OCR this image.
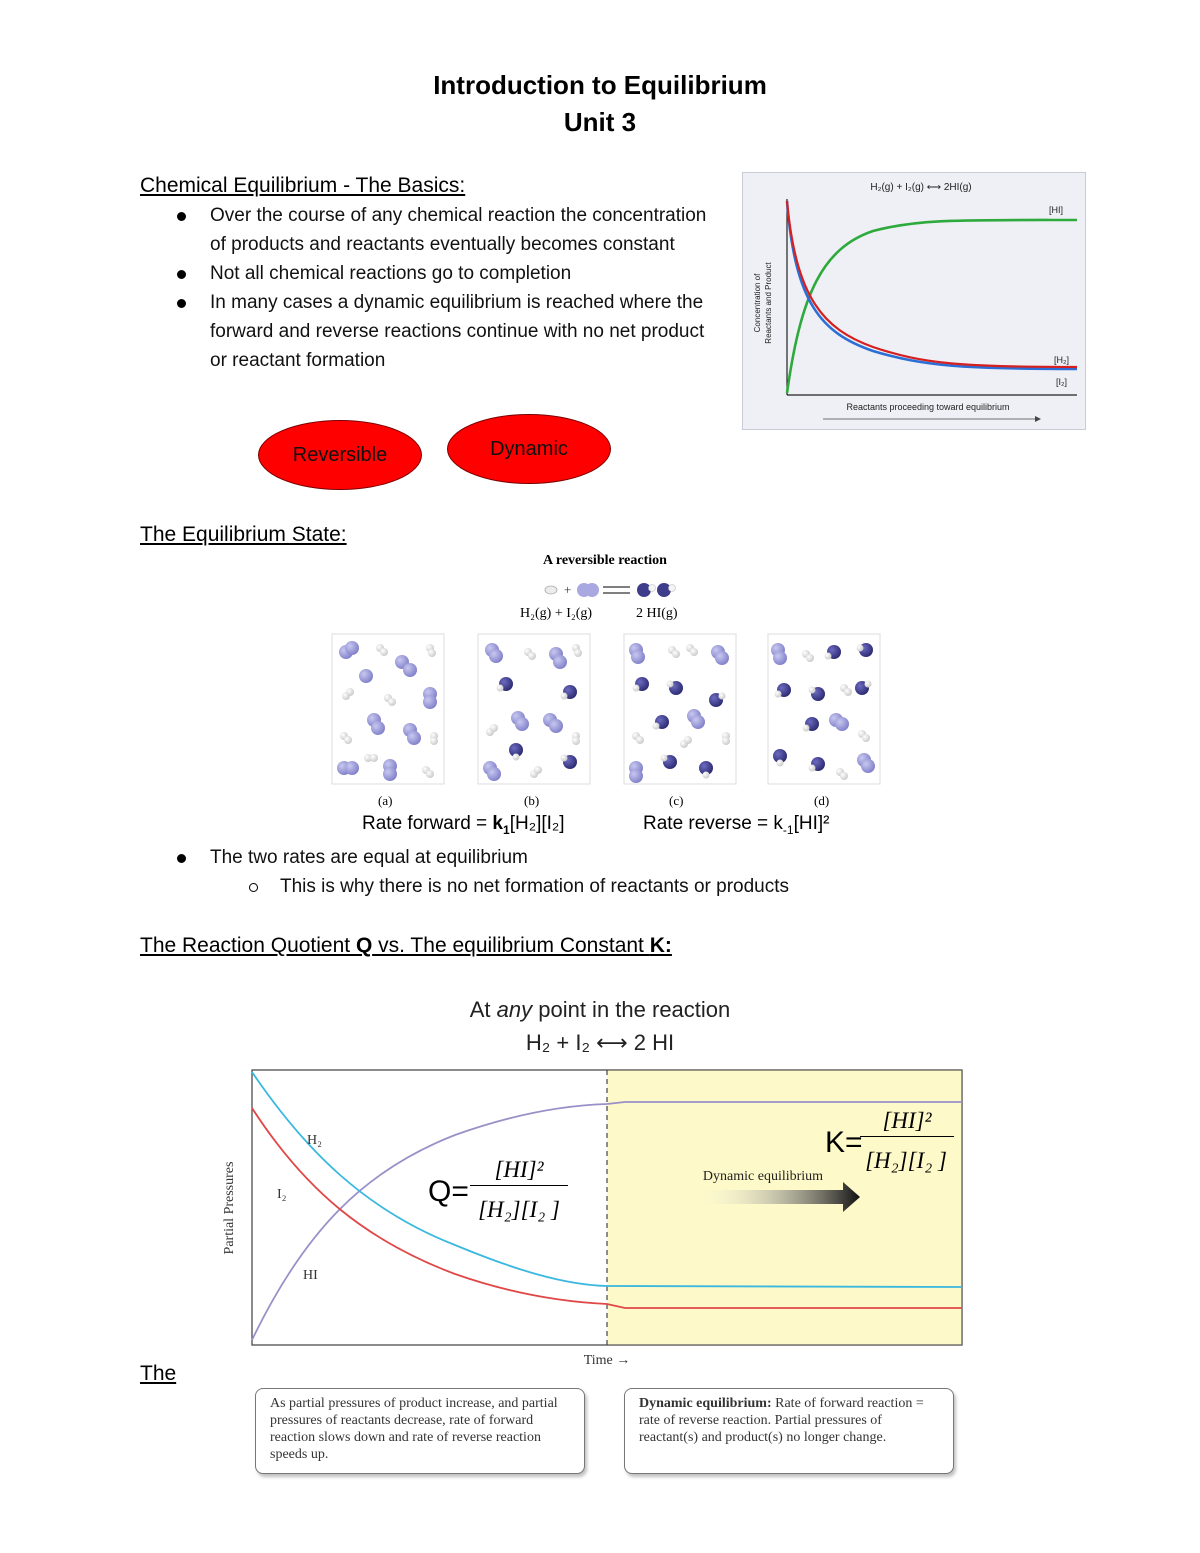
Introduction to Equilibrium
Unit 3
Chemical Equilibrium - The Basics:
Over the course of any chemical reaction the concentration of products and reactants eventually becomes constant
Not all chemical reactions go to completion
In many cases a dynamic equilibrium is reached where the forward and reverse reactions continue with no net product or reactant formation
Reversible	Dynamic
H₂(g) + I₂(g) ⟷ 2HI(g)
[HI]
[H₂]
[I₂]
Concentration of Reactants and Product
Reactants proceeding toward equilibrium
The Equilibrium State:
A reversible reaction
+
H₂(g) + I₂(g)	2 HI(g)
(a)	(b)	(c)	(d)
Rate forward = $k_1[H_2][I_2]$	Rate reverse = $k_{-1}[HI]^2$
The two rates are equal at equilibrium
This is why there is no net formation of reactants or products
The Reaction Quotient Q vs. The equilibrium Constant K:
At any point in the reaction
H₂ + I₂ ⟷ 2 HI
H₂
I₂
HI
Partial Pressures
Time →
Dynamic equilibrium
Q=
[HI]²
[H₂][I₂ ]
K=
[HI]²
[H₂][I₂ ]
The
As partial pressures of product increase, and partial pressures of reactants decrease, rate of forward reaction slows down and rate of reverse reaction speeds up.
Dynamic equilibrium: Rate of forward reaction = rate of reverse reaction. Partial pressures of reactant(s) and product(s) no longer change.
